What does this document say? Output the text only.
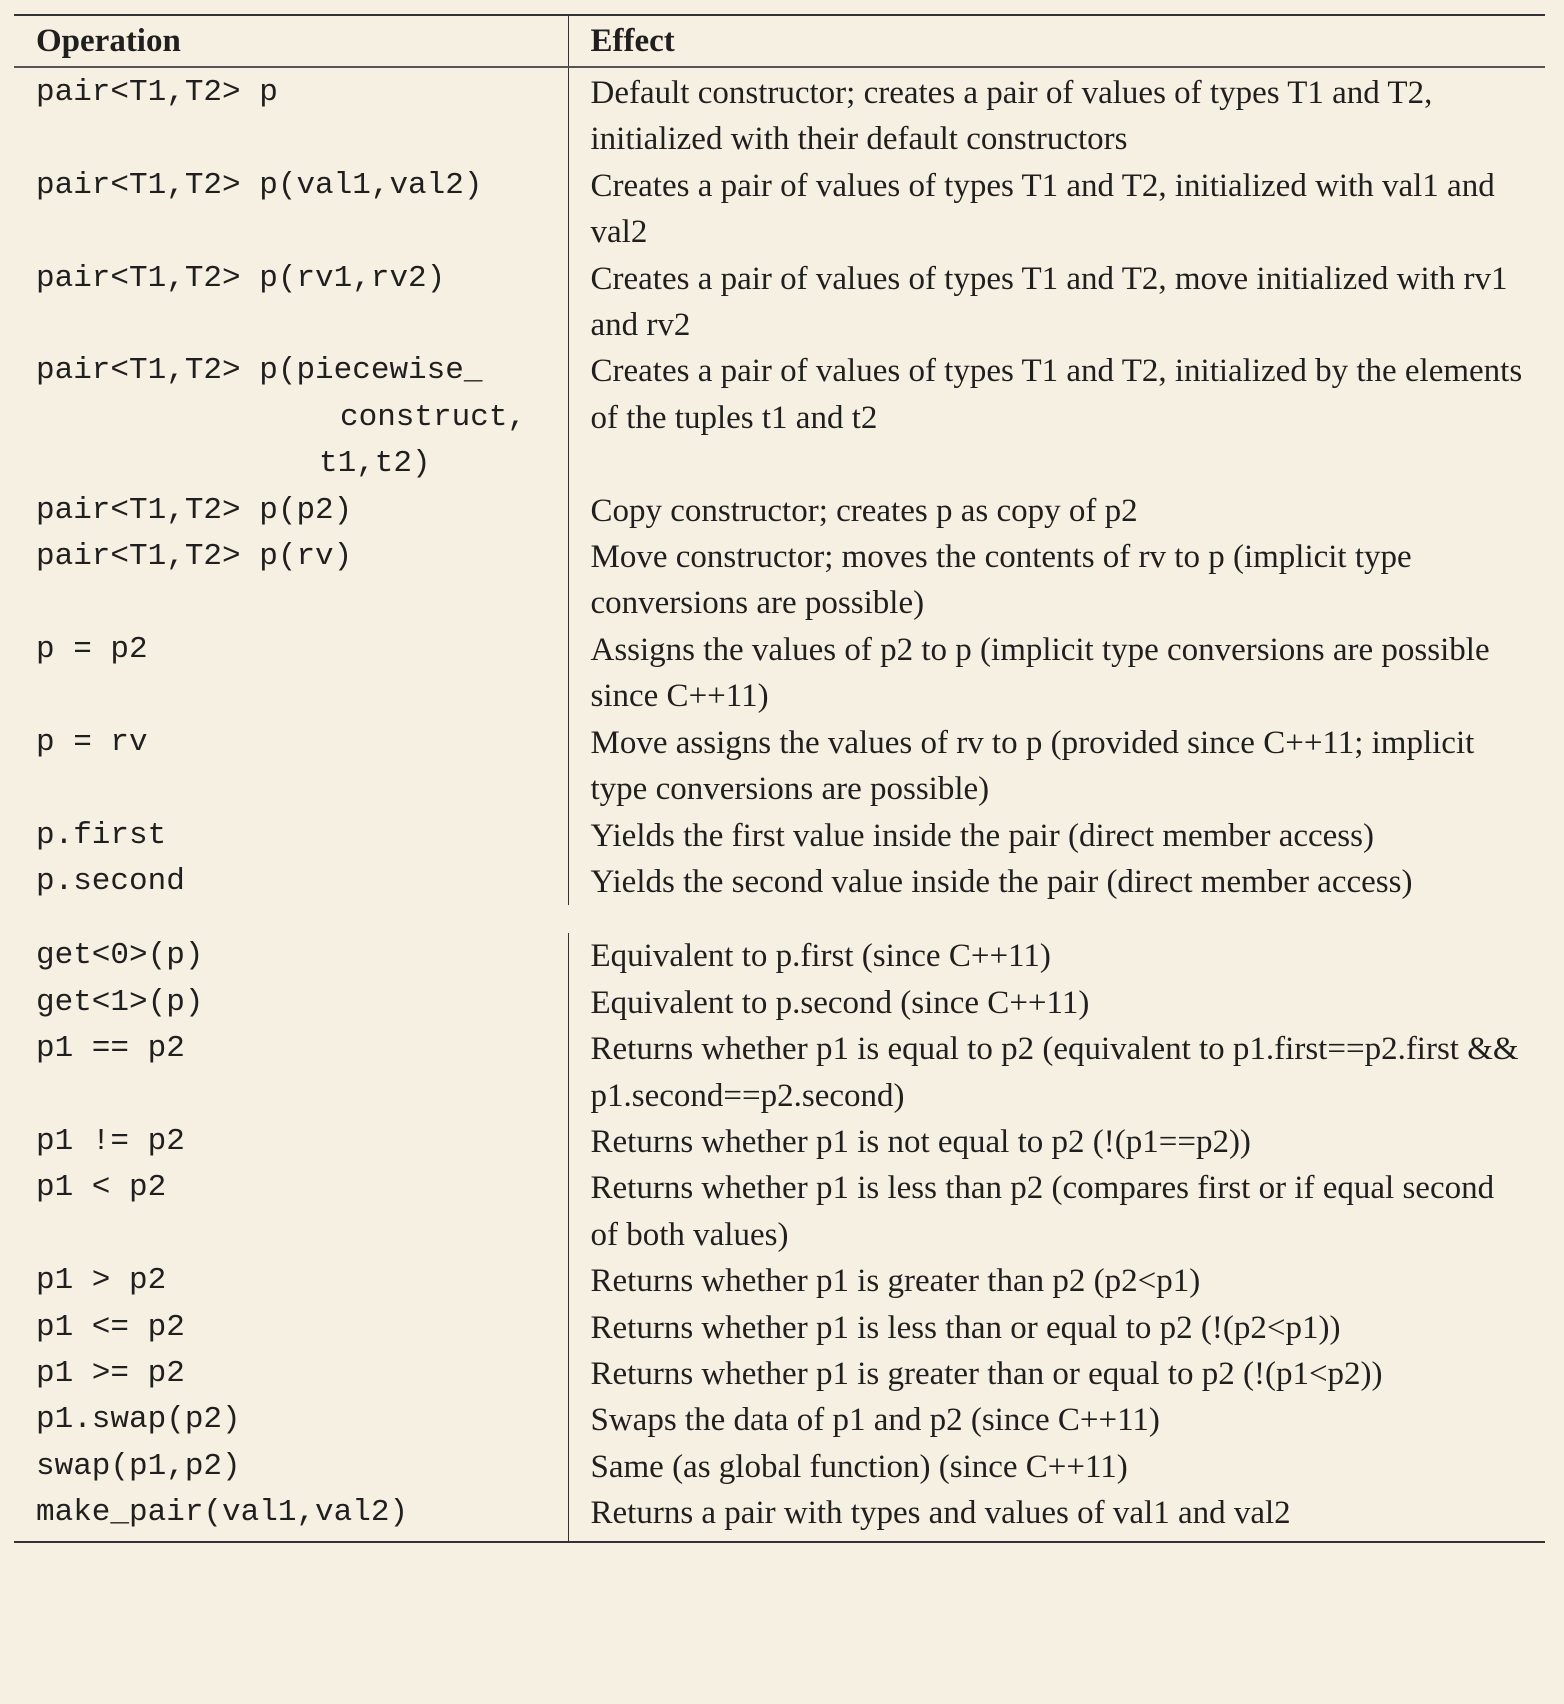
Operation	Effect
pair<T1,T2> p	Default constructor; creates a pair of values of types T1 and T2, initialized with their default constructors
pair<T1,T2> p(val1,val2)	Creates a pair of values of types T1 and T2, initialized with val1 and val2
pair<T1,T2> p(rv1,rv2)	Creates a pair of values of types T1 and T2, move initialized with rv1 and rv2

pair<T1,T2> p(piecewise_
construct,
t1,t2)	Creates a pair of values of types T1 and T2, initialized by the elements of the tuples t1 and t2
pair<T1,T2> p(p2)	Copy constructor; creates p as copy of p2
pair<T1,T2> p(rv)	Move constructor; moves the contents of rv to p (implicit type conversions are possible)
p = p2	Assigns the values of p2 to p (implicit type conversions are possible since C++11)
p = rv	Move assigns the values of rv to p (provided since C++11; implicit type conversions are possible)
p.first	Yields the first value inside the pair (direct member access)
p.second	Yields the second value inside the pair (direct member access)

get<0>(p)	Equivalent to p.first (since C++11)
get<1>(p)	Equivalent to p.second (since C++11)
p1 == p2	Returns whether p1 is equal to p2 (equivalent to p1.first==p2.first && p1.second==p2.second)
p1 != p2	Returns whether p1 is not equal to p2 (!(p1==p2))
p1 < p2	Returns whether p1 is less than p2 (compares first or if equal second of both values)
p1 > p2	Returns whether p1 is greater than p2 (p2<p1)
p1 <= p2	Returns whether p1 is less than or equal to p2 (!(p2<p1))
p1 >= p2	Returns whether p1 is greater than or equal to p2 (!(p1<p2))
p1.swap(p2)	Swaps the data of p1 and p2 (since C++11)
swap(p1,p2)	Same (as global function) (since C++11)
make_pair(val1,val2)	Returns a pair with types and values of val1 and val2
